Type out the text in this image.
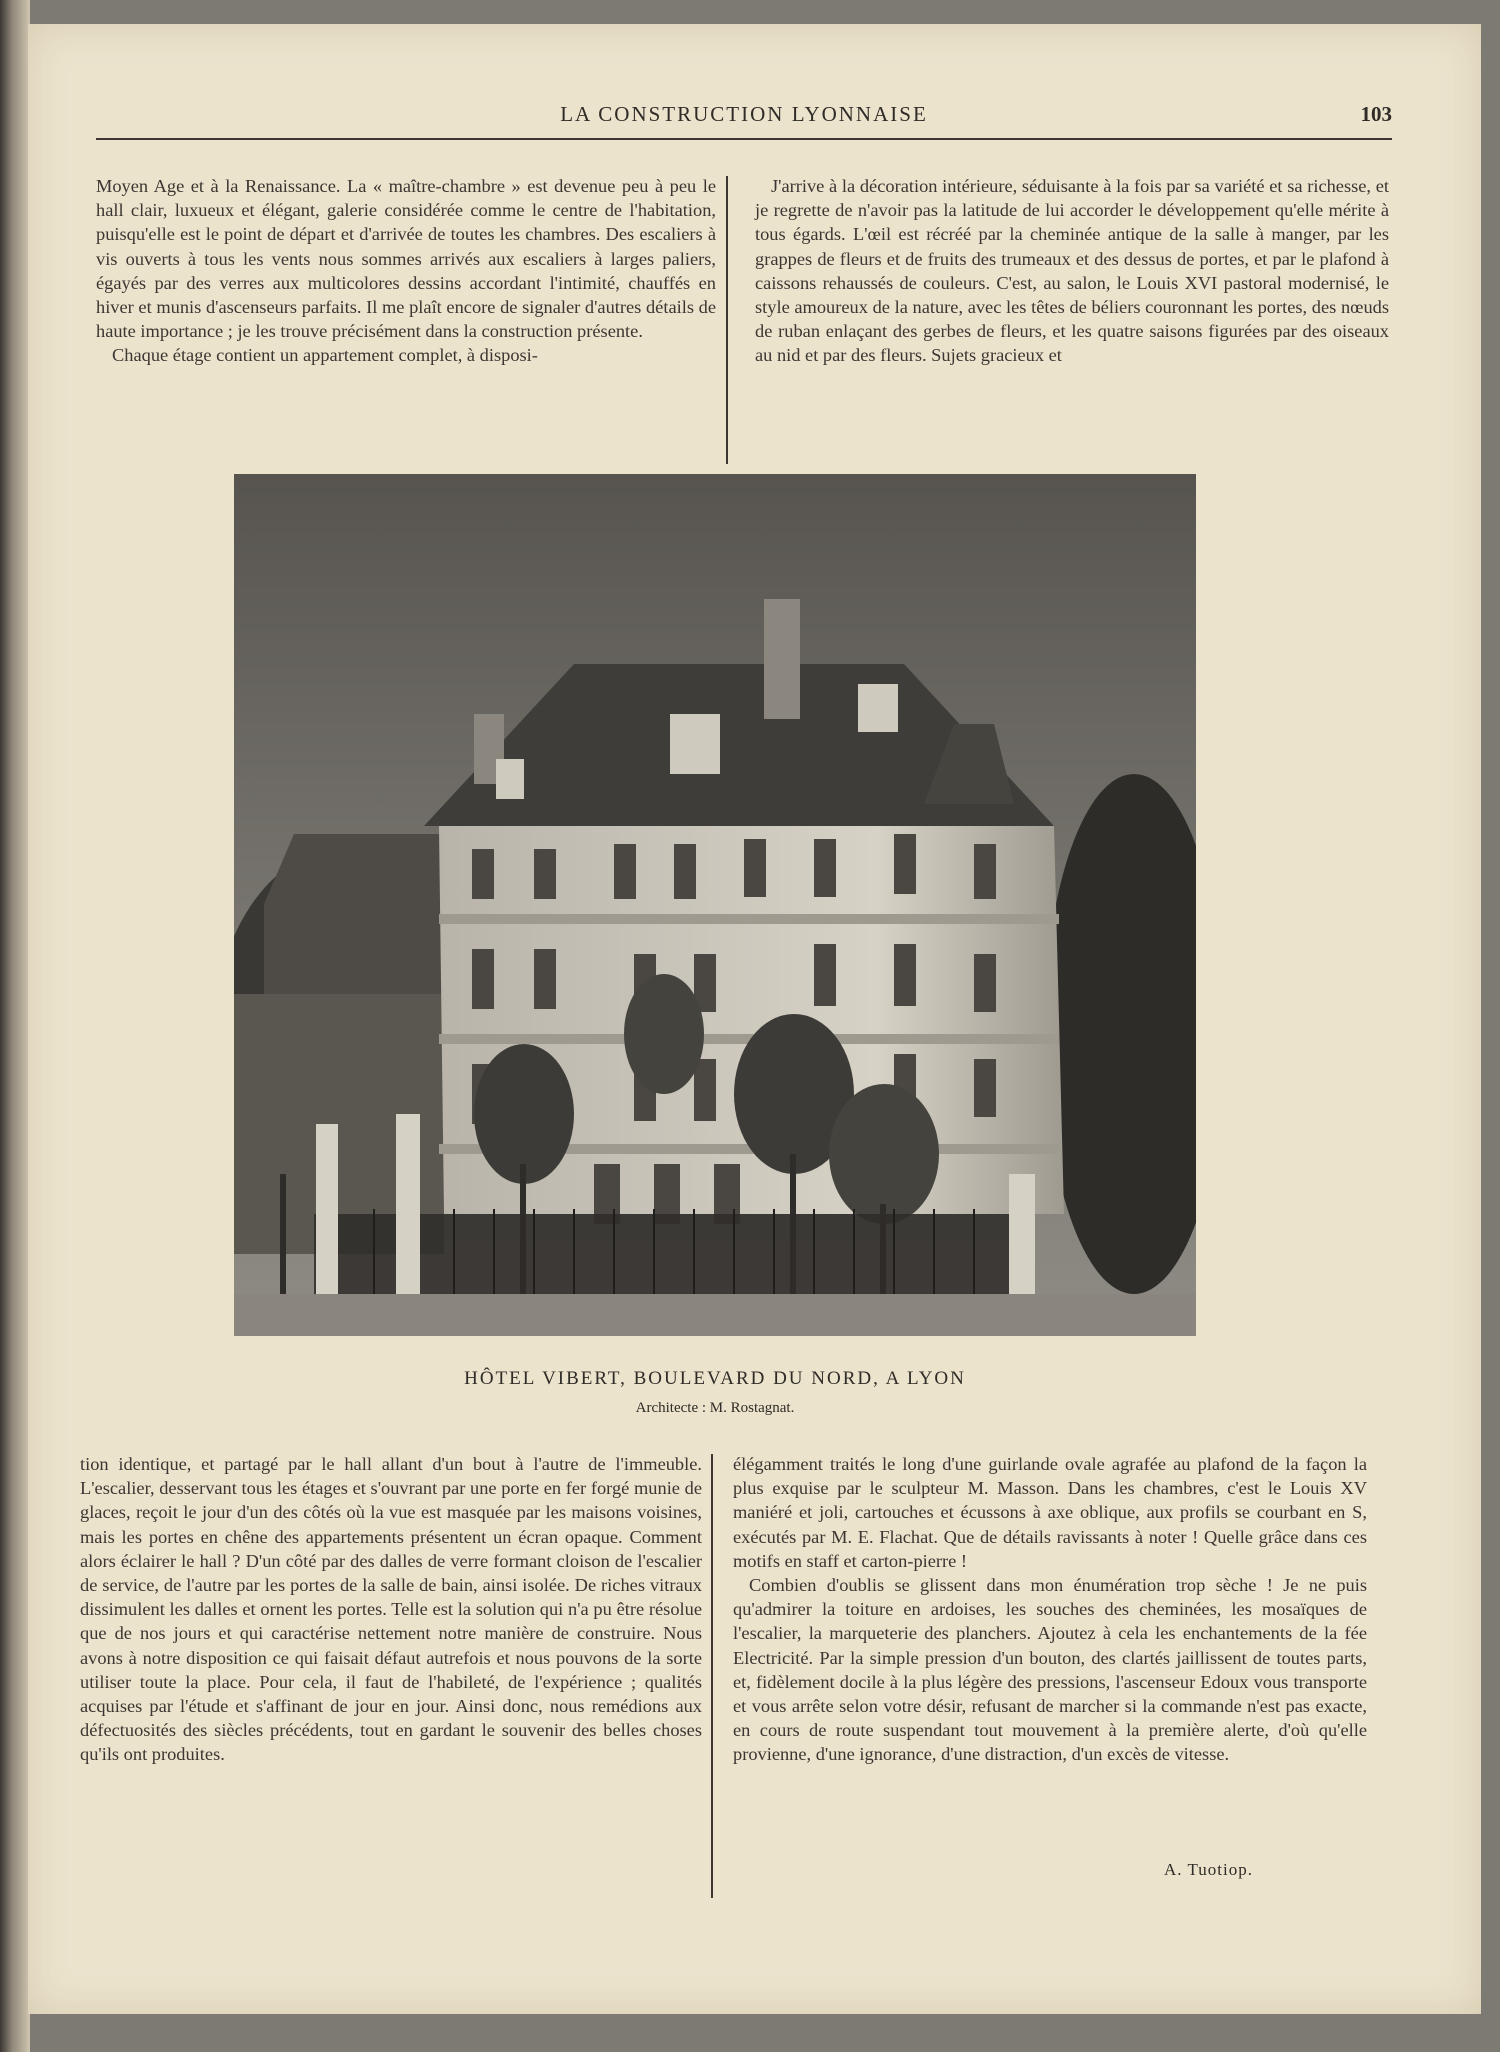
LA CONSTRUCTION LYONNAISE	103

Moyen Age et à la Renaissance. La « maître-chambre » est devenue peu à peu le hall clair, luxueux et élégant, galerie considérée comme le centre de l'habitation, puisqu'elle est le point de départ et d'arrivée de toutes les chambres. Des escaliers à vis ouverts à tous les vents nous sommes arrivés aux escaliers à larges paliers, égayés par des verres aux multicolores dessins accordant l'intimité, chauffés en hiver et munis d'ascenseurs parfaits. Il me plaît encore de signaler d'autres détails de haute importance ; je les trouve précisément dans la construction présente.

Chaque étage contient un appartement complet, à disposi-

J'arrive à la décoration intérieure, séduisante à la fois par sa variété et sa richesse, et je regrette de n'avoir pas la latitude de lui accorder le développement qu'elle mérite à tous égards. L'œil est récréé par la cheminée antique de la salle à manger, par les grappes de fleurs et de fruits des trumeaux et des dessus de portes, et par le plafond à caissons rehaussés de couleurs. C'est, au salon, le Louis XVI pastoral modernisé, le style amoureux de la nature, avec les têtes de béliers couronnant les portes, des nœuds de ruban enlaçant des gerbes de fleurs, et les quatre saisons figurées par des oiseaux au nid et par des fleurs. Sujets gracieux et

HÔTEL VIBERT, BOULEVARD DU NORD, A LYON
Architecte : M. Rostagnat.

tion identique, et partagé par le hall allant d'un bout à l'autre de l'immeuble. L'escalier, desservant tous les étages et s'ouvrant par une porte en fer forgé munie de glaces, reçoit le jour d'un des côtés où la vue est masquée par les maisons voisines, mais les portes en chêne des appartements présentent un écran opaque. Comment alors éclairer le hall ? D'un côté par des dalles de verre formant cloison de l'escalier de service, de l'autre par les portes de la salle de bain, ainsi isolée. De riches vitraux dissimulent les dalles et ornent les portes. Telle est la solution qui n'a pu être résolue que de nos jours et qui caractérise nettement notre manière de construire. Nous avons à notre disposition ce qui faisait défaut autrefois et nous pouvons de la sorte utiliser toute la place. Pour cela, il faut de l'habileté, de l'expérience ; qualités acquises par l'étude et s'affinant de jour en jour. Ainsi donc, nous remédions aux défectuosités des siècles précédents, tout en gardant le souvenir des belles choses qu'ils ont produites.

élégamment traités le long d'une guirlande ovale agrafée au plafond de la façon la plus exquise par le sculpteur M. Masson. Dans les chambres, c'est le Louis XV maniéré et joli, cartouches et écussons à axe oblique, aux profils se courbant en S, exécutés par M. E. Flachat. Que de détails ravissants à noter ! Quelle grâce dans ces motifs en staff et carton-pierre !

Combien d'oublis se glissent dans mon énumération trop sèche ! Je ne puis qu'admirer la toiture en ardoises, les souches des cheminées, les mosaïques de l'escalier, la marqueterie des planchers. Ajoutez à cela les enchantements de la fée Electricité. Par la simple pression d'un bouton, des clartés jaillissent de toutes parts, et, fidèlement docile à la plus légère des pressions, l'ascenseur Edoux vous transporte et vous arrête selon votre désir, refusant de marcher si la commande n'est pas exacte, en cours de route suspendant tout mouvement à la première alerte, d'où qu'elle provienne, d'une ignorance, d'une distraction, d'un excès de vitesse.

A. Tuotiop.
